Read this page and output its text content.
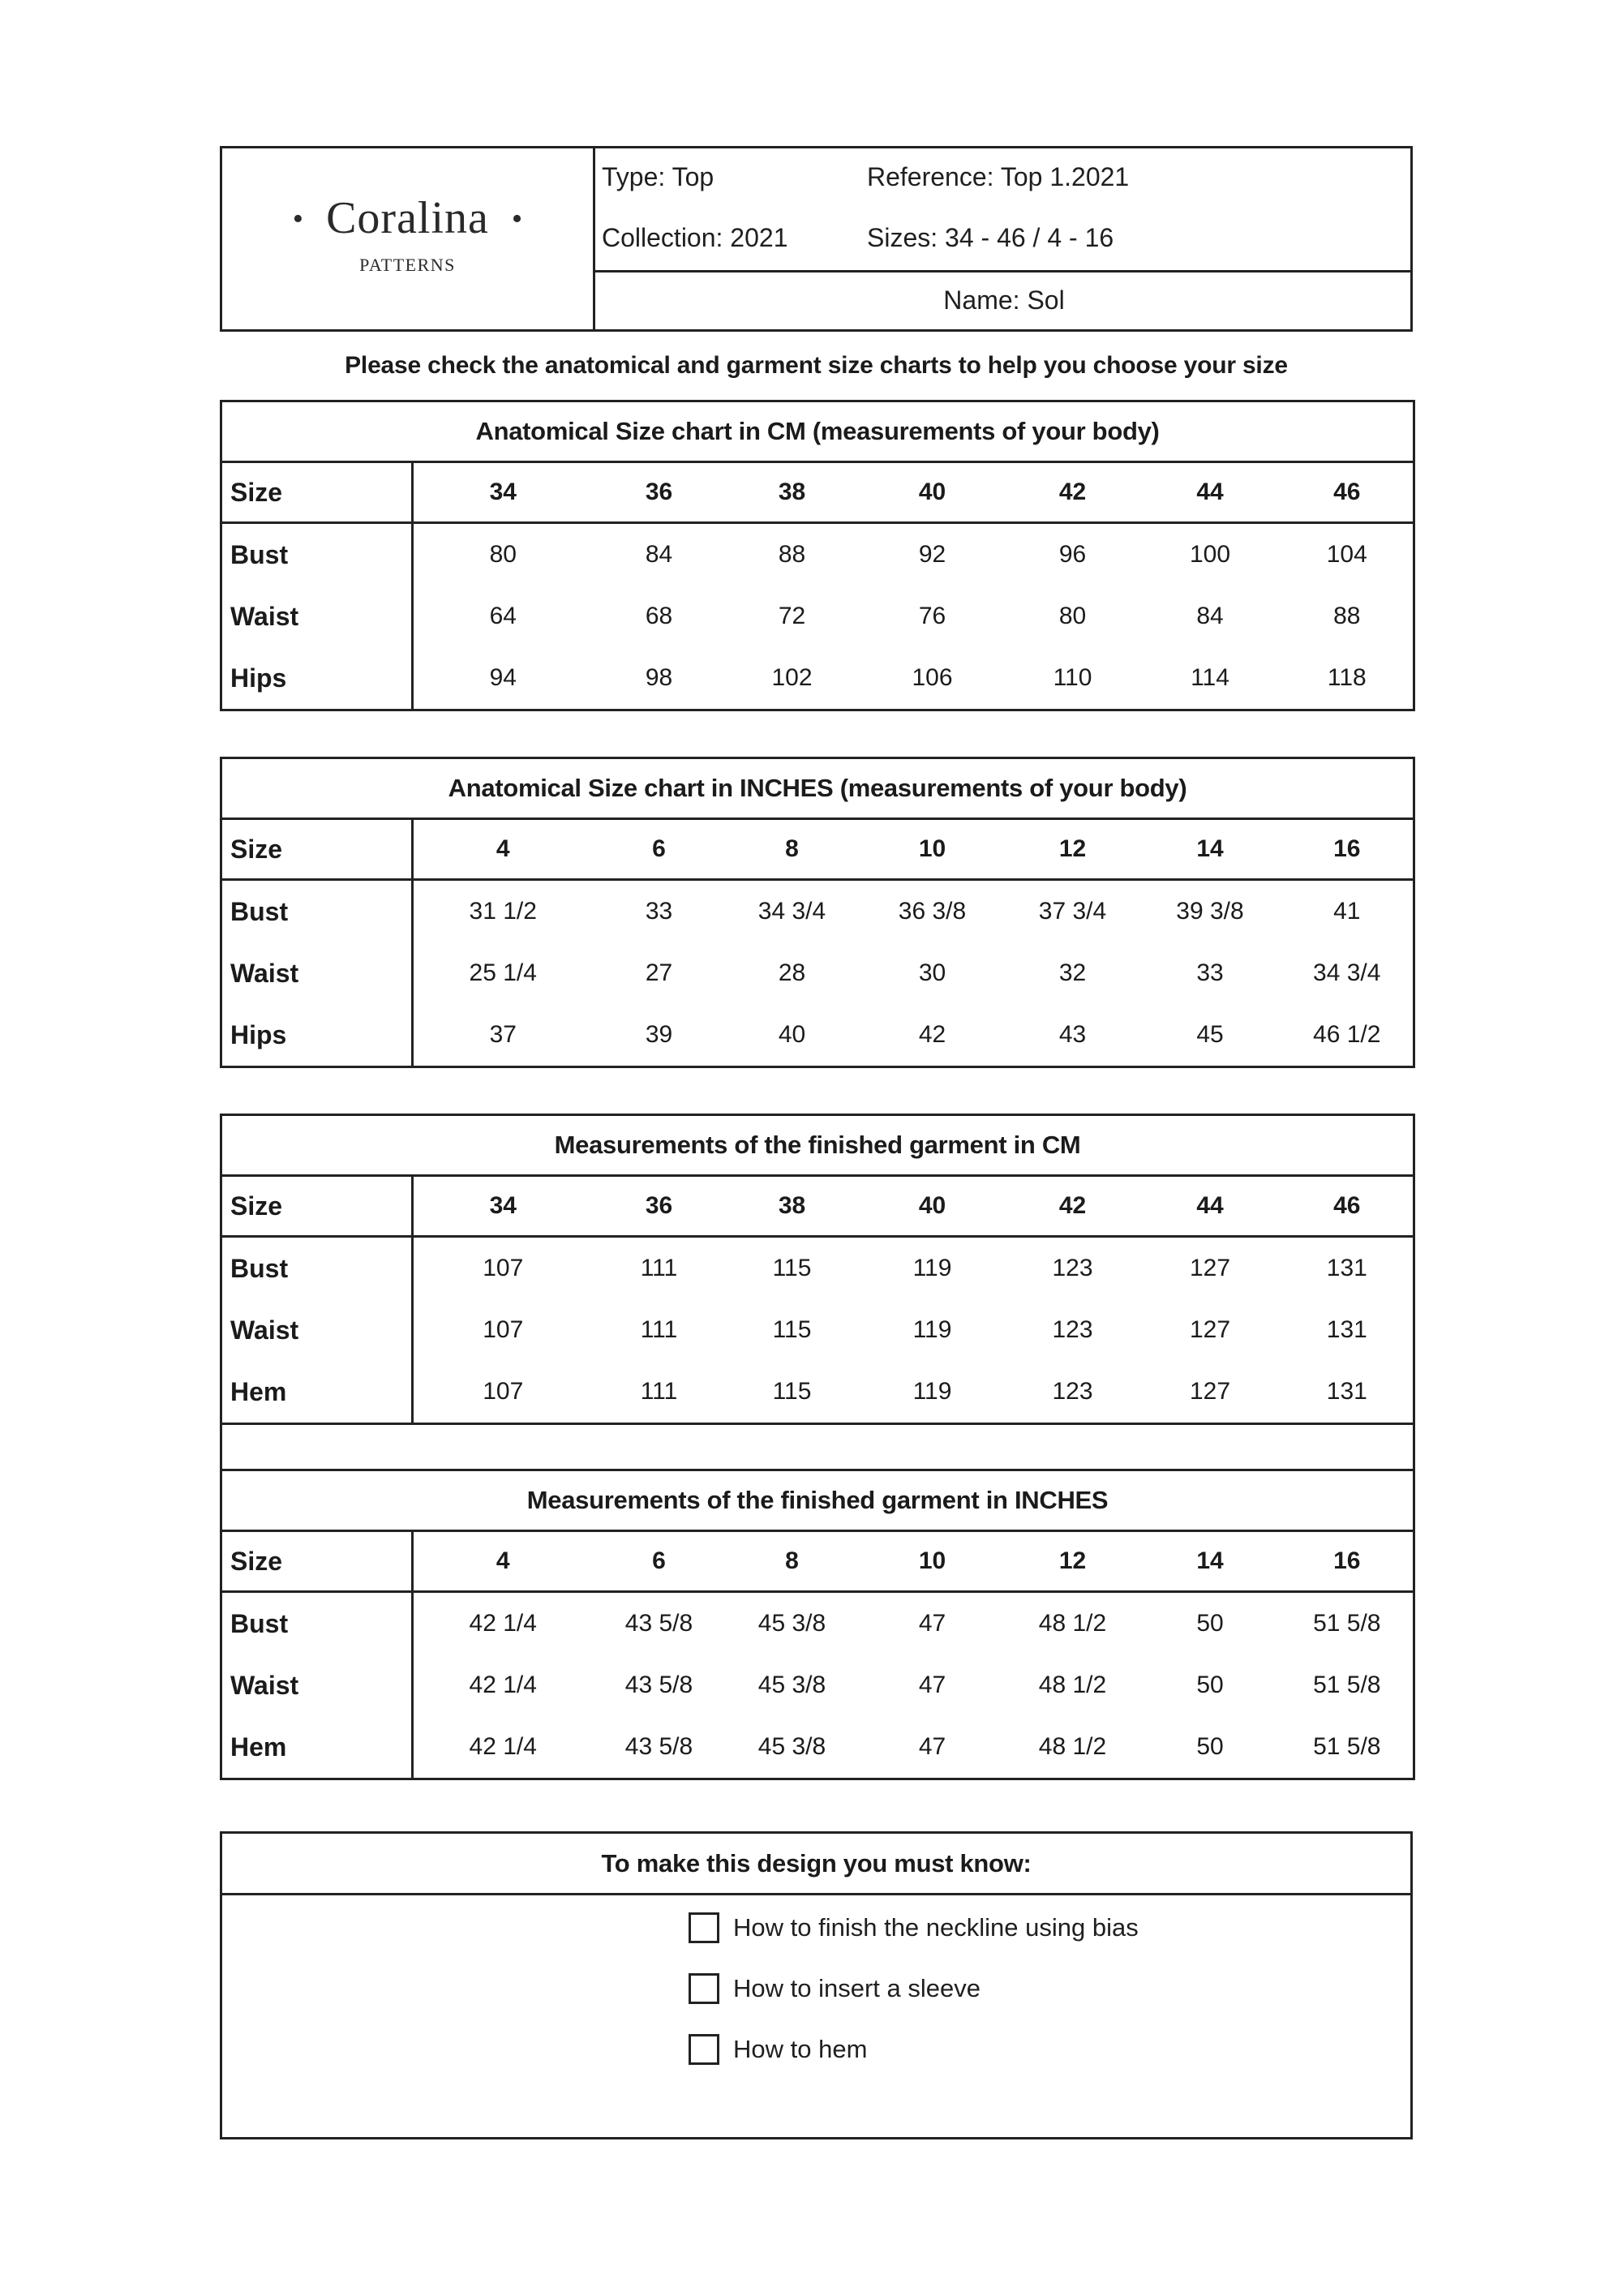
• Coralina •
PATTERNS
Type: Top	Reference: Top 1.2021
Collection: 2021	Sizes: 34 - 46 / 4 - 16
Name: Sol
Please check the anatomical and garment size charts to help you choose your size
Anatomical Size chart in CM (measurements of your body)							
Size	34	36	38	40	42	44	46
Bust	80	84	88	92	96	100	104
Waist	64	68	72	76	80	84	88
Hips	94	98	102	106	110	114	118
Anatomical Size chart in INCHES (measurements of your body)							
Size	4	6	8	10	12	14	16
Bust	31 1/2	33	34 3/4	36 3/8	37 3/4	39 3/8	41
Waist	25 1/4	27	28	30	32	33	34 3/4
Hips	37	39	40	42	43	45	46 1/2
Measurements of the finished garment in CM							
Size	34	36	38	40	42	44	46
Bust	107	111	115	119	123	127	131
Waist	107	111	115	119	123	127	131
Hem	107	111	115	119	123	127	131

Measurements of the finished garment in INCHES							
Size	4	6	8	10	12	14	16
Bust	42 1/4	43 5/8	45 3/8	47	48 1/2	50	51 5/8
Waist	42 1/4	43 5/8	45 3/8	47	48 1/2	50	51 5/8
Hem	42 1/4	43 5/8	45 3/8	47	48 1/2	50	51 5/8
To make this design you must know:
How to finish the neckline using bias
How to insert a sleeve
How to hem
